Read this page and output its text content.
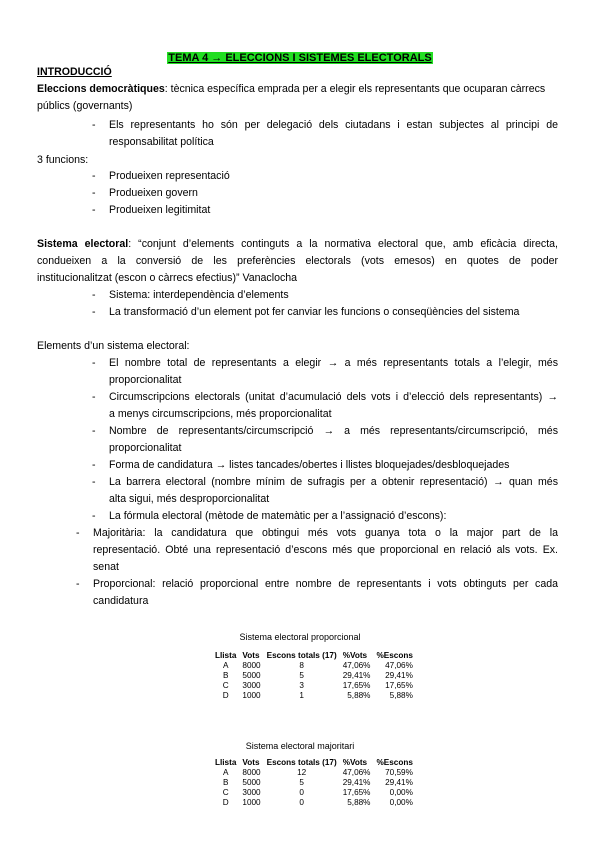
TEMA 4 → ELECCIONS I SISTEMES ELECTORALS
INTRODUCCIÓ
Eleccions democràtiques: tècnica específica emprada per a elegir els representants que ocuparan càrrecs
públics (governants)
- Els representants ho són per delegació dels ciutadans i estan subjectes al principi de
responsabilitat política
3 funcions:
- Produeixen representació
- Produeixen govern
- Produeixen legitimitat
Sistema electoral: “conjunt d’elements continguts a la normativa electoral que, amb eficàcia directa,
condueixen a la conversió de les preferències electorals (vots emesos) en quotes de poder
institucionalitzat (escon o càrrecs efectius)” Vanaclocha
- Sistema: interdependència d’elements
- La transformació d’un element pot fer canviar les funcions o conseqüències del sistema
Elements d’un sistema electoral:
- El nombre total de representants a elegir → a més representants totals a l’elegir, més
proporcionalitat
- Circumscripcions electorals (unitat d’acumulació dels vots i d’elecció dels representants) →
a menys circumscripcions, més proporcionalitat
- Nombre de representants/circumscripció → a més representants/circumscripció, més
proporcionalitat
- Forma de candidatura → listes tancades/obertes i llistes bloquejades/desbloquejades
- La barrera electoral (nombre mínim de sufragis per a obtenir representació) → quan més
alta sigui, més desproporcionalitat
- La fórmula electoral (mètode de matemàtic per a l’assignació d’escons):
- Majoritària: la candidatura que obtingui més vots guanya tota o la major part de la
representació. Obté una representació d’escons més que proporcional en relació als vots. Ex.
senat
- Proporcional: relació proporcional entre nombre de representants i vots obtinguts per cada
candidatura
Sistema electoral proporcional
Llista	Vots	Escons totals (17)	%Vots	%Escons
A	8000	8	47,06%	47,06%
B	5000	5	29,41%	29,41%
C	3000	3	17,65%	17,65%
D	1000	1	5,88%	5,88%
Sistema electoral majoritari
Llista	Vots	Escons totals (17)	%Vots	%Escons
A	8000	12	47,06%	70,59%
B	5000	5	29,41%	29,41%
C	3000	0	17,65%	0,00%
D	1000	0	5,88%	0,00%
